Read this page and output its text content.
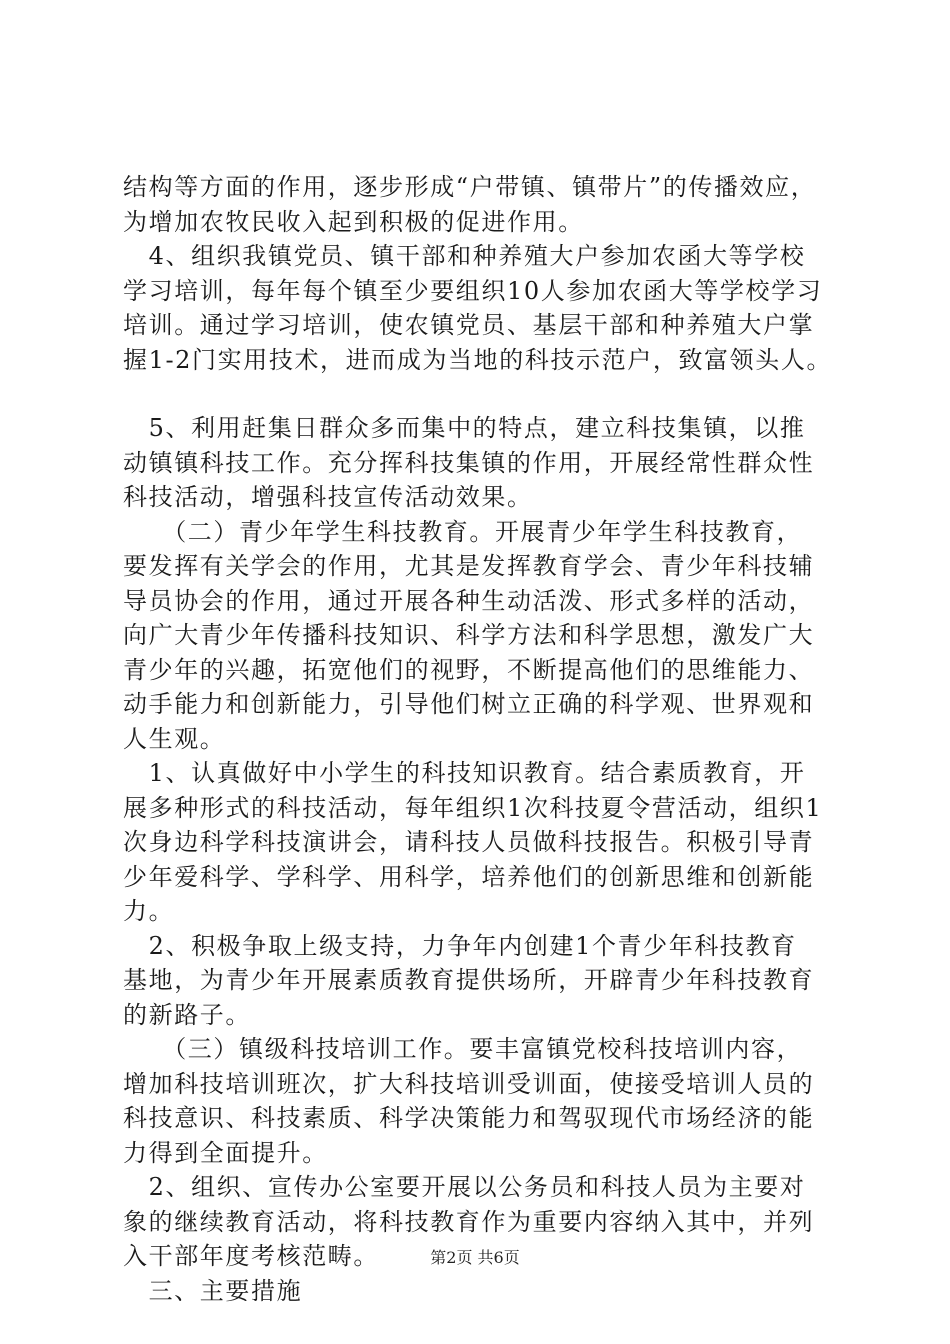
结构等方面的作用，逐步形成“户带镇、镇带片”的传播效应，
为增加农牧民收入起到积极的促进作用。
　4、组织我镇党员、镇干部和种养殖大户参加农函大等学校
学习培训，每年每个镇至少要组织10人参加农函大等学校学习
培训。通过学习培训，使农镇党员、基层干部和种养殖大户掌
握1-2门实用技术，进而成为当地的科技示范户，致富领头人。
　5、利用赶集日群众多而集中的特点，建立科技集镇，以推
动镇镇科技工作。充分挥科技集镇的作用，开展经常性群众性
科技活动，增强科技宣传活动效果。
　　（二）青少年学生科技教育。开展青少年学生科技教育，
要发挥有关学会的作用，尤其是发挥教育学会、青少年科技辅
导员协会的作用，通过开展各种生动活泼、形式多样的活动，
向广大青少年传播科技知识、科学方法和科学思想，激发广大
青少年的兴趣，拓宽他们的视野，不断提高他们的思维能力、
动手能力和创新能力，引导他们树立正确的科学观、世界观和
人生观。
　1、认真做好中小学生的科技知识教育。结合素质教育，开
展多种形式的科技活动，每年组织1次科技夏令营活动，组织1
次身边科学科技演讲会，请科技人员做科技报告。积极引导青
少年爱科学、学科学、用科学，培养他们的创新思维和创新能
力。
　2、积极争取上级支持，力争年内创建1个青少年科技教育
基地，为青少年开展素质教育提供场所，开辟青少年科技教育
的新路子。
　　（三）镇级科技培训工作。要丰富镇党校科技培训内容，
增加科技培训班次，扩大科技培训受训面，使接受培训人员的
科技意识、科技素质、科学决策能力和驾驭现代市场经济的能
力得到全面提升。
　2、组织、宣传办公室要开展以公务员和科技人员为主要对
象的继续教育活动，将科技教育作为重要内容纳入其中，并列
入干部年度考核范畴。
　三、主要措施
第2页 共6页
